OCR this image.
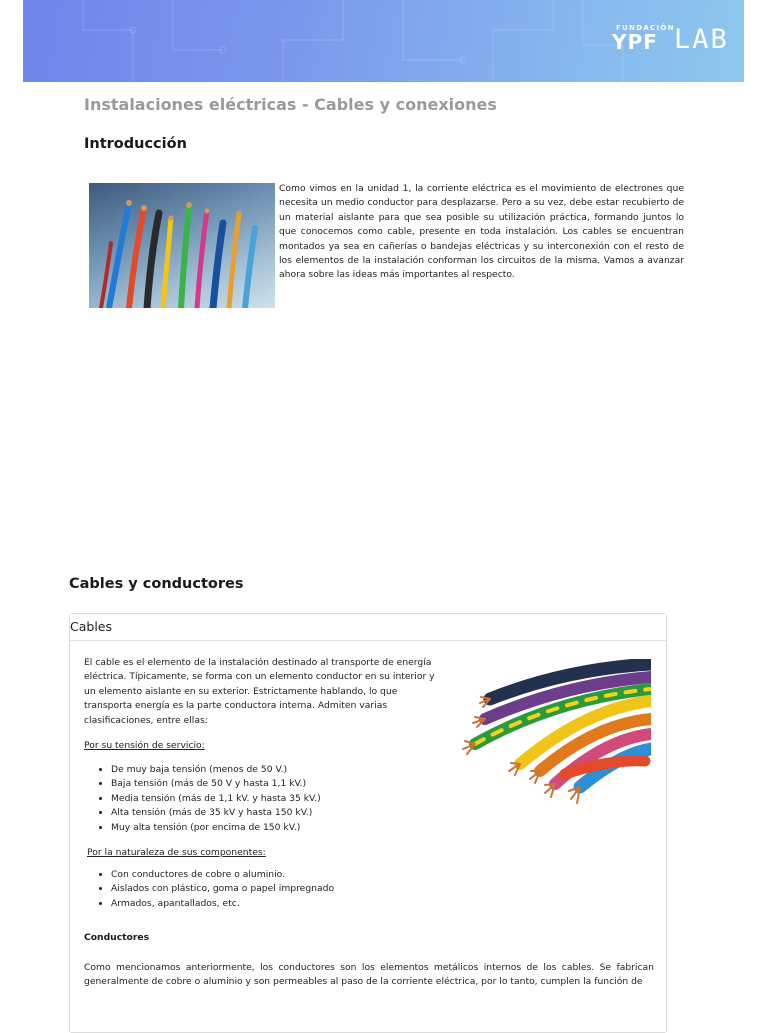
FUNDACIÓN
YPF LAB
Instalaciones eléctricas - Cables y conexiones
Introducción

Como vimos en la unidad 1, la corriente eléctrica es el movimiento de electrones que necesita un medio conductor para desplazarse. Pero a su vez, debe estar recubierto de un material aislante para que sea posible su utilización práctica, formando juntos lo que conocemos como cable, presente en toda instalación. Los cables se encuentran montados ya sea en cañerías o bandejas eléctricas y su interconexión con el resto de los elementos de la instalación conforman los circuitos de la misma. Vamos a avanzar ahora sobre las ideas más importantes al respecto.

Cables y conductores
Cables

El cable es el elemento de la instalación destinado al transporte de energía eléctrica. Típicamente, se forma con un elemento conductor en su interior y un elemento aislante en su exterior. Estrictamente hablando, lo que transporta energía es la parte conductora interna. Admiten varias clasificaciones, entre ellas:

Por su tensión de servicio:

• De muy baja tensión (menos de 50 V.)
• Baja tensión (más de 50 V y hasta 1,1 kV.)
• Media tensión (más de 1,1 kV. y hasta 35 kV.)
• Alta tensión (más de 35 kV y hasta 150 kV.)
• Muy alta tensión (por encima de 150 kV.)

Por la naturaleza de sus componentes:

• Con conductores de cobre o aluminio.
• Aislados con plástico, goma o papel impregnado
• Armados, apantallados, etc.

Conductores

Como mencionamos anteriormente, los conductores son los elementos metálicos internos de los cables. Se fabrican generalmente de cobre o aluminio y son permeables al paso de la corriente eléctrica, por lo tanto, cumplen la función de
